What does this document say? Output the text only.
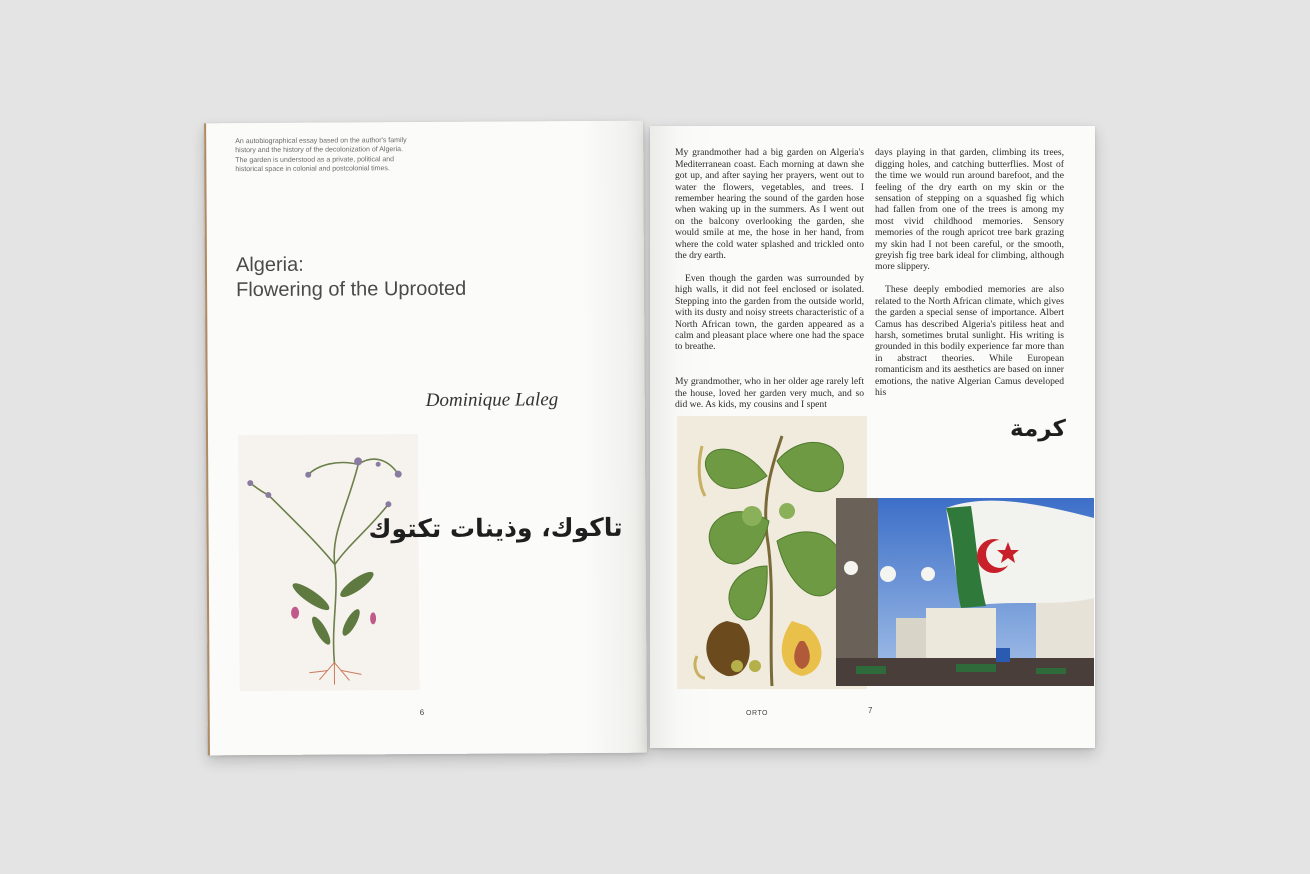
An autobiographical essay based on the author's family history and the history of the decolonization of Algeria. The garden is understood as a private, political and historical space in colonial and postcolonial times.
Algeria:
Flowering of the Uprooted
Dominique Laleg
تاكوك، وذينات تكتوك
6

My grandmother had a big garden on Algeria's Mediterranean coast. Each morning at dawn she got up, and after saying her prayers, went out to water the flowers, vegetables, and trees. I remember hearing the sound of the garden hose when waking up in the summers. As I went out on the balcony overlooking the garden, she would smile at me, the hose in her hand, from where the cold water splashed and trickled onto the dry earth.

Even though the garden was surrounded by high walls, it did not feel enclosed or isolated. Stepping into the garden from the outside world, with its dusty and noisy streets characteristic of a North African town, the garden appeared as a calm and pleasant place where one had the space to breathe.

My grandmother, who in her older age rarely left the house, loved her garden very much, and so did we. As kids, my cousins and I spent

days playing in that garden, climbing its trees, digging holes, and catching butterflies. Most of the time we would run around barefoot, and the feeling of the dry earth on my skin or the sensation of stepping on a squashed fig which had fallen from one of the trees is among my most vivid childhood memories. Sensory memories of the rough apricot tree bark grazing my skin had I not been careful, or the smooth, greyish fig tree bark ideal for climbing, although more slippery.

These deeply embodied memories are also related to the North African climate, which gives the garden a special sense of importance. Albert Camus has described Algeria's pitiless heat and harsh, sometimes brutal sunlight. His writing is grounded in this bodily experience far more than in abstract theories. While European romanticism and its aesthetics are based on inner emotions, the native Algerian Camus developed his

كرمة
ORTO	7
